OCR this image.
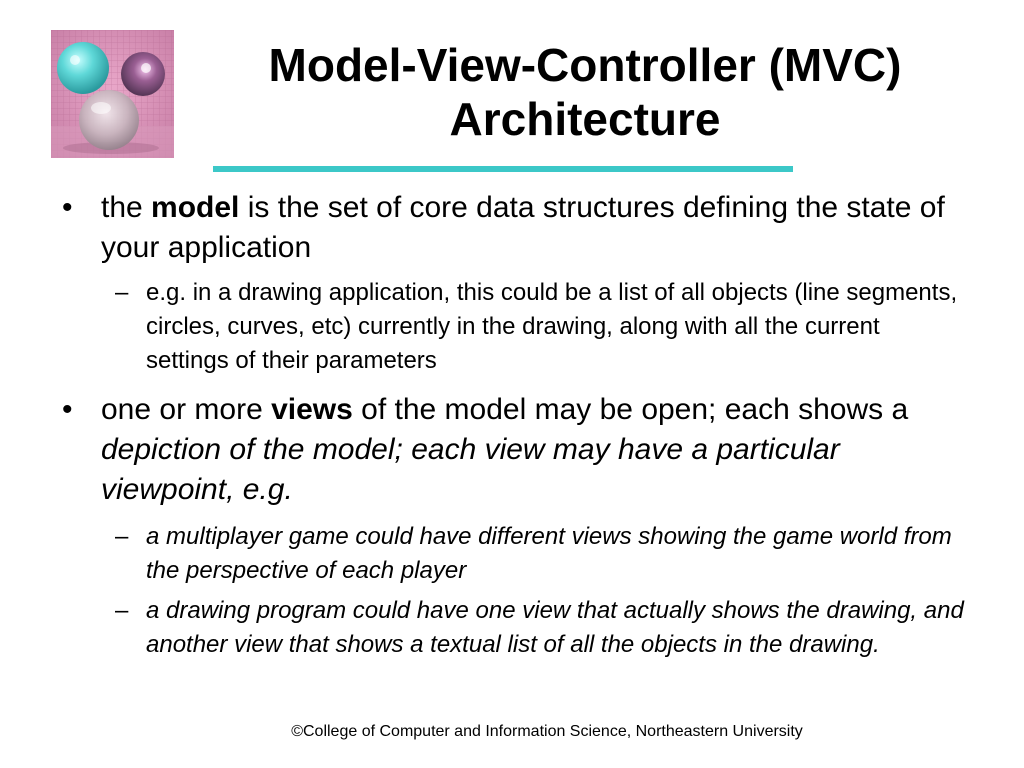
Model-View-Controller (MVC)
Architecture
• the model is the set of core data structures defining the state of your application
– e.g. in a drawing application, this could be a list of all objects (line segments, circles, curves, etc) currently in the drawing, along with all the current settings of their parameters
• one or more views of the model may be open; each shows a depiction of the model; each view may have a particular viewpoint, e.g.
– a multiplayer game could have different views showing the game world from the perspective of each player
– a drawing program could have one view that actually shows the drawing, and another view that shows a textual list of all the objects in the drawing.
©College of Computer and Information Science, Northeastern University
